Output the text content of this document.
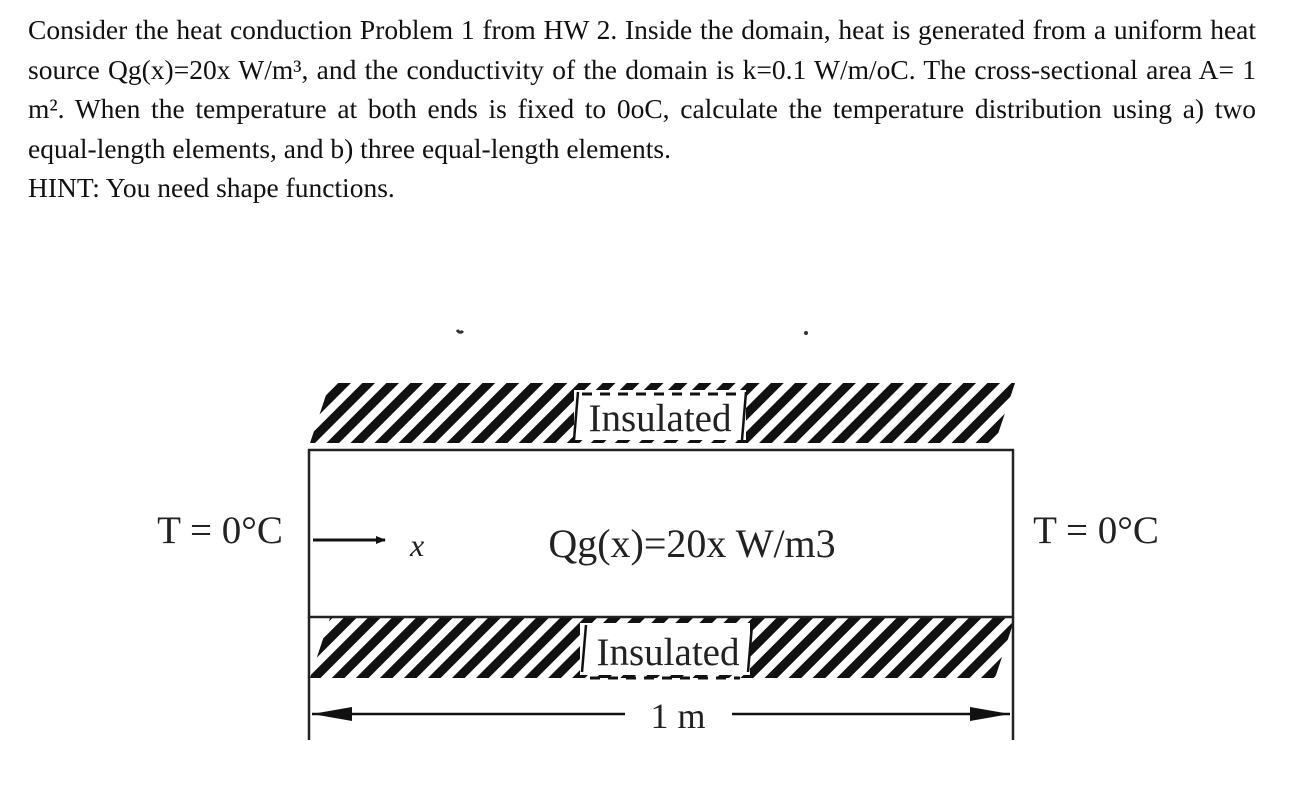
Consider the heat conduction Problem 1 from HW 2. Inside the domain, heat is generated from a uniform heat source Qg(x)=20x W/m³, and the conductivity of the domain is k=0.1 W/m/oC. The cross-sectional area A= 1 m². When the temperature at both ends is fixed to 0oC, calculate the temperature distribution using a) two equal-length elements, and b) three equal-length elements.

HINT: You need shape functions.

Insulated
x	Qg(x)=20x W/m3
T = 0°C	T = 0°C
Insulated
1 m
